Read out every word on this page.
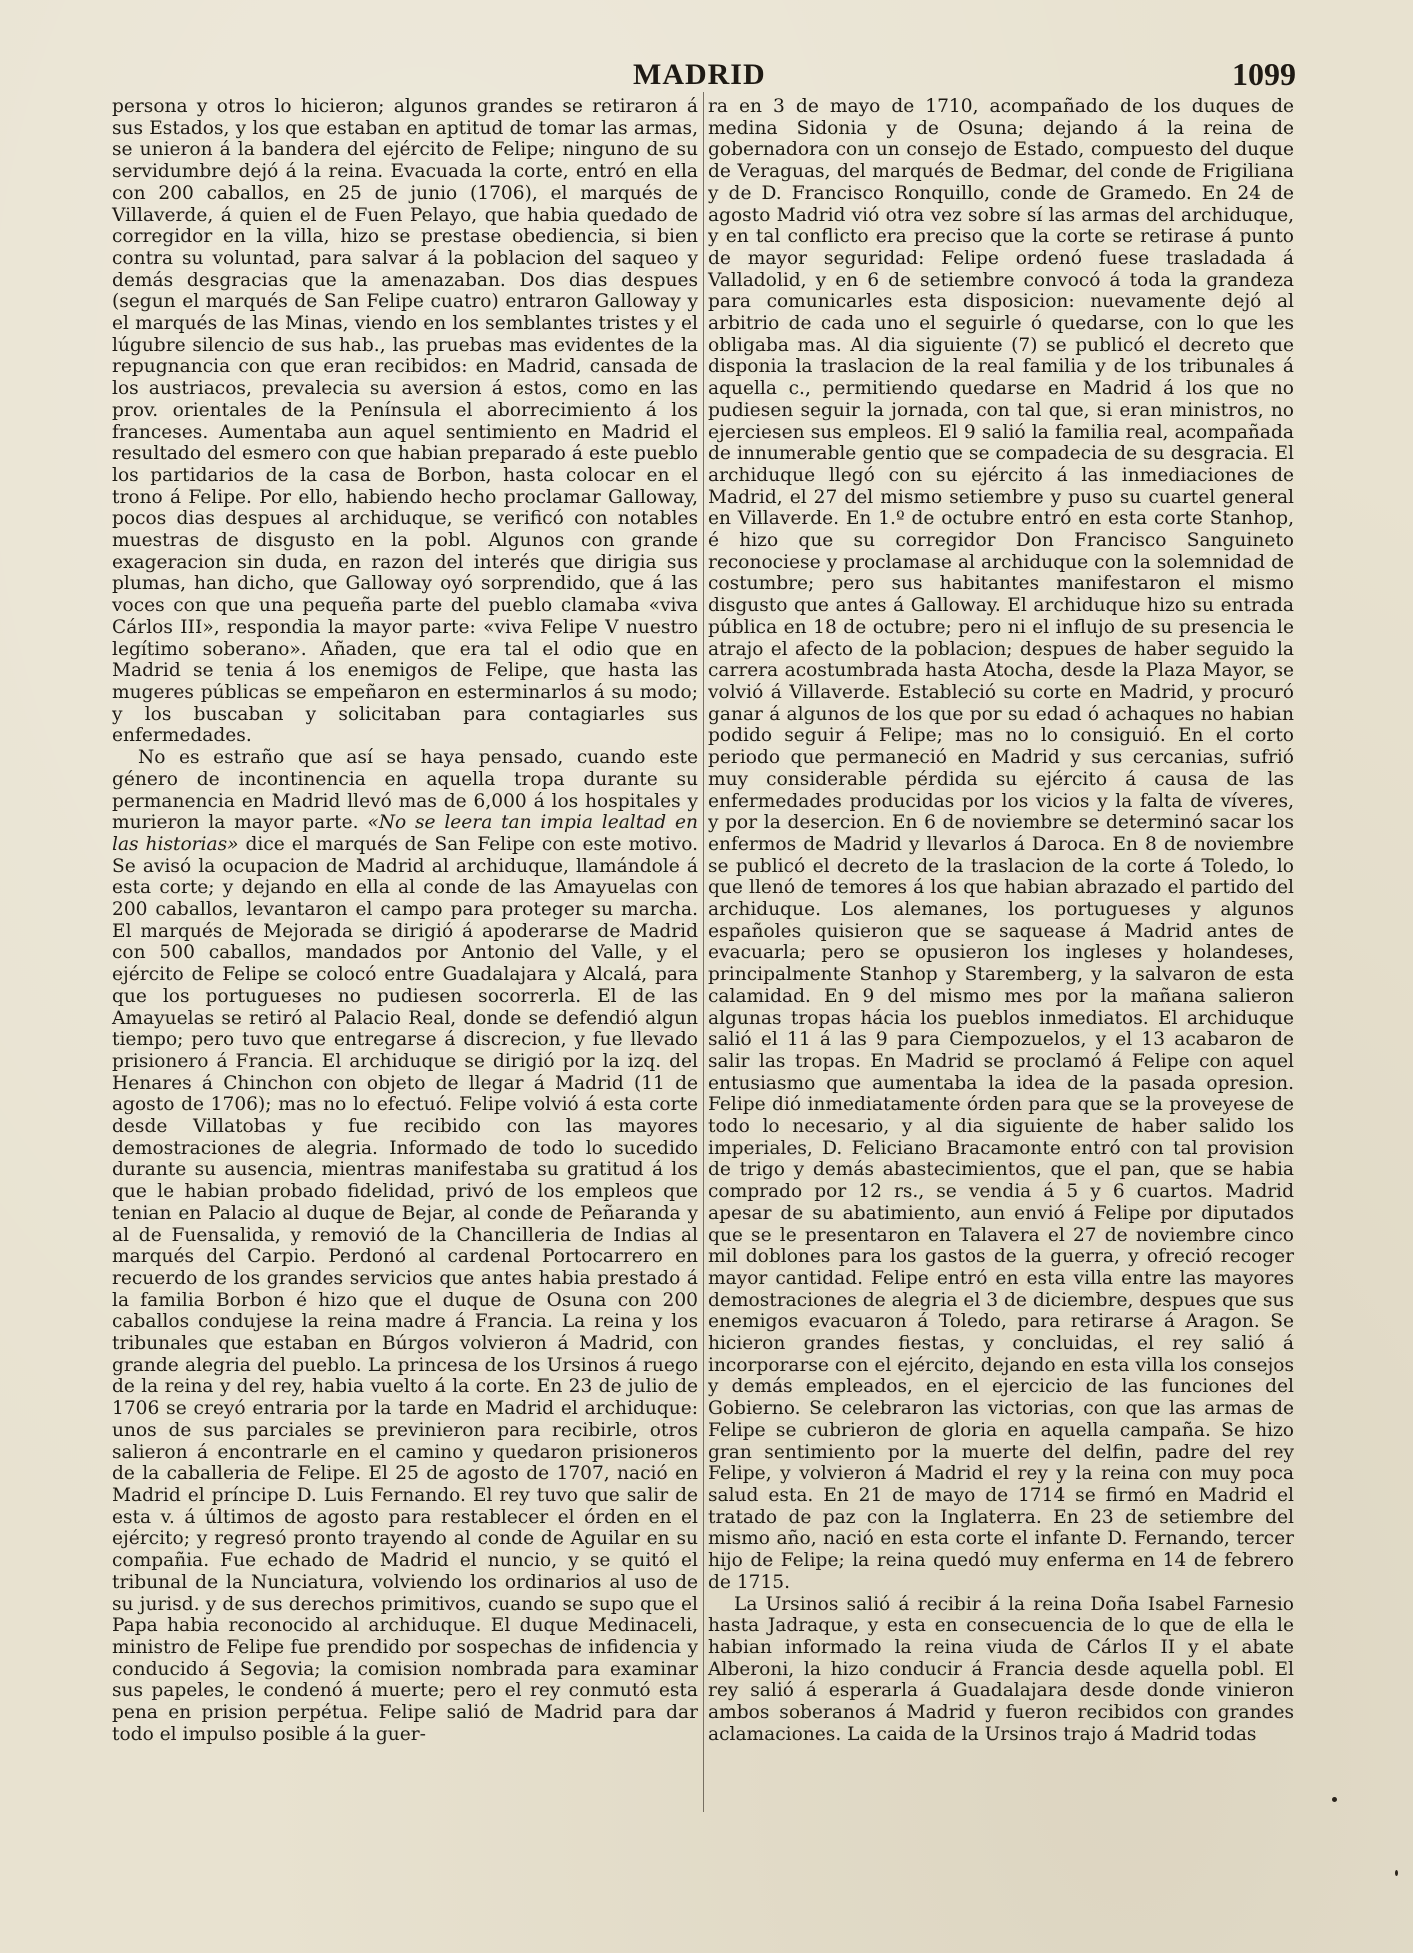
MADRID	1099

persona y otros lo hicieron; algunos grandes se retiraron á sus Estados, y los que estaban en aptitud de tomar las armas, se unieron á la bandera del ejército de Felipe; ninguno de su servidumbre dejó á la reina. Evacuada la corte, entró en ella con 200 caballos, en 25 de junio (1706), el marqués de Villaverde, á quien el de Fuen Pelayo, que habia quedado de corregidor en la villa, hizo se prestase obediencia, si bien contra su voluntad, para salvar á la poblacion del saqueo y demás desgracias que la amenazaban. Dos dias despues (segun el marqués de San Felipe cuatro) entraron Galloway y el marqués de las Minas, viendo en los semblantes tristes y el lúgubre silencio de sus hab., las pruebas mas evidentes de la repugnancia con que eran recibidos: en Madrid, cansada de los austriacos, prevalecia su aversion á estos, como en las prov. orientales de la Península el aborrecimiento á los franceses. Aumentaba aun aquel sentimiento en Madrid el resultado del esmero con que habian preparado á este pueblo los partidarios de la casa de Borbon, hasta colocar en el trono á Felipe. Por ello, habiendo hecho proclamar Galloway, pocos dias despues al archiduque, se verificó con notables muestras de disgusto en la pobl. Algunos con grande exageracion sin duda, en razon del interés que dirigia sus plumas, han dicho, que Galloway oyó sorprendido, que á las voces con que una pequeña parte del pueblo clamaba «viva Cárlos III», respondia la mayor parte: «viva Felipe V nuestro legítimo soberano». Añaden, que era tal el odio que en Madrid se tenia á los enemigos de Felipe, que hasta las mugeres públicas se empeñaron en esterminarlos á su modo; y los buscaban y solicitaban para contagiarles sus enfermedades.

No es estraño que así se haya pensado, cuando este género de incontinencia en aquella tropa durante su permanencia en Madrid llevó mas de 6,000 á los hospitales y murieron la mayor parte. «No se leera tan impia lealtad en las historias» dice el marqués de San Felipe con este motivo. Se avisó la ocupacion de Madrid al archiduque, llamándole á esta corte; y dejando en ella al conde de las Amayuelas con 200 caballos, levantaron el campo para proteger su marcha. El marqués de Mejorada se dirigió á apoderarse de Madrid con 500 caballos, mandados por Antonio del Valle, y el ejército de Felipe se colocó entre Guadalajara y Alcalá, para que los portugueses no pudiesen socorrerla. El de las Amayuelas se retiró al Palacio Real, donde se defendió algun tiempo; pero tuvo que entregarse á discrecion, y fue llevado prisionero á Francia. El archiduque se dirigió por la izq. del Henares á Chinchon con objeto de llegar á Madrid (11 de agosto de 1706); mas no lo efectuó. Felipe volvió á esta corte desde Villatobas y fue recibido con las mayores demostraciones de alegria. Informado de todo lo sucedido durante su ausencia, mientras manifestaba su gratitud á los que le habian probado fidelidad, privó de los empleos que tenian en Palacio al duque de Bejar, al conde de Peñaranda y al de Fuensalida, y removió de la Chancilleria de Indias al marqués del Carpio. Perdonó al cardenal Portocarrero en recuerdo de los grandes servicios que antes habia prestado á la familia Borbon é hizo que el duque de Osuna con 200 caballos condujese la reina madre á Francia. La reina y los tribunales que estaban en Búrgos volvieron á Madrid, con grande alegria del pueblo. La princesa de los Ursinos á ruego de la reina y del rey, habia vuelto á la corte. En 23 de julio de 1706 se creyó entraria por la tarde en Madrid el archiduque: unos de sus parciales se previnieron para recibirle, otros salieron á encontrarle en el camino y quedaron prisioneros de la caballeria de Felipe. El 25 de agosto de 1707, nació en Madrid el príncipe D. Luis Fernando. El rey tuvo que salir de esta v. á últimos de agosto para restablecer el órden en el ejército; y regresó pronto trayendo al conde de Aguilar en su compañia. Fue echado de Madrid el nuncio, y se quitó el tribunal de la Nunciatura, volviendo los ordinarios al uso de su jurisd. y de sus derechos primitivos, cuando se supo que el Papa habia reconocido al archiduque. El duque Medinaceli, ministro de Felipe fue prendido por sospechas de infidencia y conducido á Segovia; la comision nombrada para examinar sus papeles, le condenó á muerte; pero el rey conmutó esta pena en prision perpétua. Felipe salió de Madrid para dar todo el impulso posible á la guer-

ra en 3 de mayo de 1710, acompañado de los duques de medina Sidonia y de Osuna; dejando á la reina de gobernadora con un consejo de Estado, compuesto del duque de Veraguas, del marqués de Bedmar, del conde de Frigiliana y de D. Francisco Ronquillo, conde de Gramedo. En 24 de agosto Madrid vió otra vez sobre sí las armas del archiduque, y en tal conflicto era preciso que la corte se retirase á punto de mayor seguridad: Felipe ordenó fuese trasladada á Valladolid, y en 6 de setiembre convocó á toda la grandeza para comunicarles esta disposicion: nuevamente dejó al arbitrio de cada uno el seguirle ó quedarse, con lo que les obligaba mas. Al dia siguiente (7) se publicó el decreto que disponia la traslacion de la real familia y de los tribunales á aquella c., permitiendo quedarse en Madrid á los que no pudiesen seguir la jornada, con tal que, si eran ministros, no ejerciesen sus empleos. El 9 salió la familia real, acompañada de innumerable gentio que se compadecia de su desgracia. El archiduque llegó con su ejército á las inmediaciones de Madrid, el 27 del mismo setiembre y puso su cuartel general en Villaverde. En 1.º de octubre entró en esta corte Stanhop, é hizo que su corregidor Don Francisco Sanguineto reconociese y proclamase al archiduque con la solemnidad de costumbre; pero sus habitantes manifestaron el mismo disgusto que antes á Galloway. El archiduque hizo su entrada pública en 18 de octubre; pero ni el influjo de su presencia le atrajo el afecto de la poblacion; despues de haber seguido la carrera acostumbrada hasta Atocha, desde la Plaza Mayor, se volvió á Villaverde. Estableció su corte en Madrid, y procuró ganar á algunos de los que por su edad ó achaques no habian podido seguir á Felipe; mas no lo consiguió. En el corto periodo que permaneció en Madrid y sus cercanias, sufrió muy considerable pérdida su ejército á causa de las enfermedades producidas por los vicios y la falta de víveres, y por la desercion. En 6 de noviembre se determinó sacar los enfermos de Madrid y llevarlos á Daroca. En 8 de noviembre se publicó el decreto de la traslacion de la corte á Toledo, lo que llenó de temores á los que habian abrazado el partido del archiduque. Los alemanes, los portugueses y algunos españoles quisieron que se saquease á Madrid antes de evacuarla; pero se opusieron los ingleses y holandeses, principalmente Stanhop y Staremberg, y la salvaron de esta calamidad. En 9 del mismo mes por la mañana salieron algunas tropas hácia los pueblos inmediatos. El archiduque salió el 11 á las 9 para Ciempozuelos, y el 13 acabaron de salir las tropas. En Madrid se proclamó á Felipe con aquel entusiasmo que aumentaba la idea de la pasada opresion. Felipe dió inmediatamente órden para que se la proveyese de todo lo necesario, y al dia siguiente de haber salido los imperiales, D. Feliciano Bracamonte entró con tal provision de trigo y demás abastecimientos, que el pan, que se habia comprado por 12 rs., se vendia á 5 y 6 cuartos. Madrid apesar de su abatimiento, aun envió á Felipe por diputados que se le presentaron en Talavera el 27 de noviembre cinco mil doblones para los gastos de la guerra, y ofreció recoger mayor cantidad. Felipe entró en esta villa entre las mayores demostraciones de alegria el 3 de diciembre, despues que sus enemigos evacuaron á Toledo, para retirarse á Aragon. Se hicieron grandes fiestas, y concluidas, el rey salió á incorporarse con el ejército, dejando en esta villa los consejos y demás empleados, en el ejercicio de las funciones del Gobierno. Se celebraron las victorias, con que las armas de Felipe se cubrieron de gloria en aquella campaña. Se hizo gran sentimiento por la muerte del delfin, padre del rey Felipe, y volvieron á Madrid el rey y la reina con muy poca salud esta. En 21 de mayo de 1714 se firmó en Madrid el tratado de paz con la Inglaterra. En 23 de setiembre del mismo año, nació en esta corte el infante D. Fernando, tercer hijo de Felipe; la reina quedó muy enferma en 14 de febrero de 1715.

La Ursinos salió á recibir á la reina Doña Isabel Farnesio hasta Jadraque, y esta en consecuencia de lo que de ella le habian informado la reina viuda de Cárlos II y el abate Alberoni, la hizo conducir á Francia desde aquella pobl. El rey salió á esperarla á Guadalajara desde donde vinieron ambos soberanos á Madrid y fueron recibidos con grandes aclamaciones. La caida de la Ursinos trajo á Madrid todas
